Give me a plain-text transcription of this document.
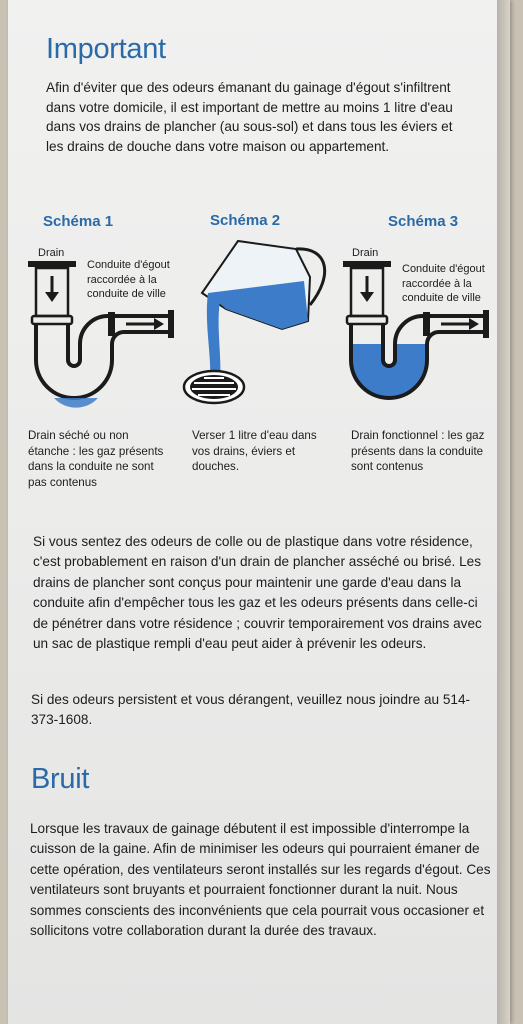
Important

Afin d'éviter que des odeurs émanant du gainage d'égout s'infiltrent dans votre domicile, il est important de mettre au moins 1 litre d'eau dans vos drains de plancher (au sous-sol) et dans tous les éviers et les drains de douche dans votre maison ou appartement.

Schéma 1	Schéma 2	Schéma 3

Conduite d'égout raccordée à la conduite de ville

Drain

Conduite d'égout raccordée à la conduite de ville

Drain

Drain séché ou non étanche : les gaz présents dans la conduite ne sont pas contenus

Verser 1 litre d'eau dans vos drains, éviers et douches.

Drain fonctionnel : les gaz présents dans la conduite sont contenus

Si vous sentez des odeurs de colle ou de plastique dans votre résidence, c'est probablement en raison d'un drain de plancher asséché ou brisé. Les drains de plancher sont conçus pour maintenir une garde d'eau dans la conduite afin d'empêcher tous les gaz et les odeurs présents dans celle-ci de pénétrer dans votre résidence ; couvrir temporairement vos drains avec un sac de plastique rempli d'eau peut aider à prévenir les odeurs.

Si des odeurs persistent et vous dérangent, veuillez nous joindre au 514-373-1608.

Bruit

Lorsque les travaux de gainage débutent il est impossible d'interrompe la cuisson de la gaine. Afin de minimiser les odeurs qui pourraient émaner de cette opération, des ventilateurs seront installés sur les regards d'égout. Ces ventilateurs sont bruyants et pourraient fonctionner durant la nuit. Nous sommes conscients des inconvénients que cela pourrait vous occasioner et sollicitons votre collaboration durant la durée des travaux.
